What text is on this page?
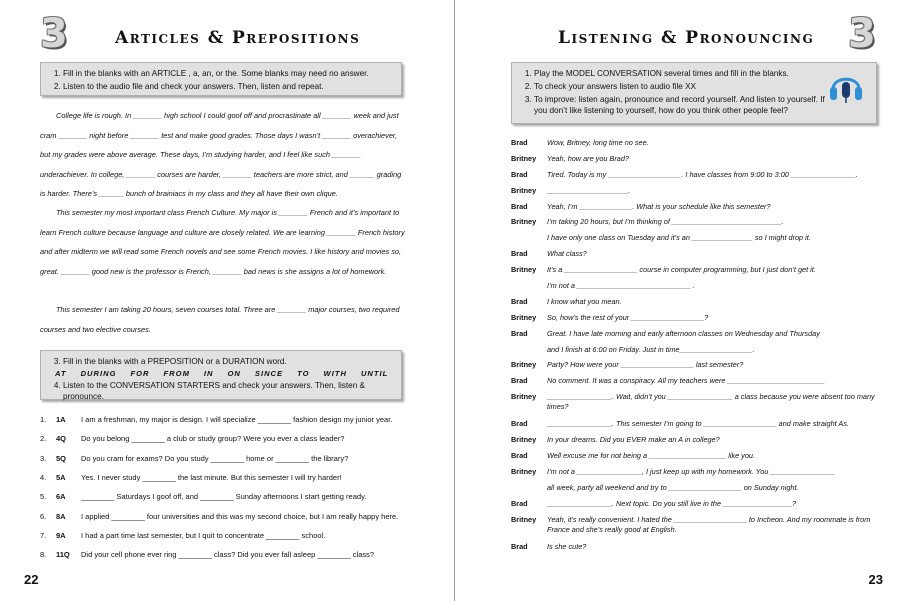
3	Articles & Prepositions
1. Fill in the blanks with an ARTICLE , a, an, or the. Some blanks may need no answer.
2. Listen to the audio file and check your answers. Then, listen and repeat.

College life is rough. In _______ high school I could goof off and procrastinate all _______ week and just cram _______ night before _______ test and make good grades. Those days I wasn’t _______ overachiever, but my grades were above average. These days, I’m studying harder, and I feel like such _______ underachiever. In college, _______ courses are harder, _______ teachers are more strict, and ______ grading is harder. There’s ______ bunch of brainiacs in my class and they all have their own clique.

This semester my most important class French Culture. My major is _______ French and it’s important to learn French culture because language and culture are closely related. We are learning _______ French history and after midterm we will read some French novels and see some French movies. I like history and movies so, great. _______ good new is the professor is French, _______ bad news is she assigns a lot of homework.

This semester I am taking 20 hours, seven courses total. Three are _______ major courses, two required courses and two elective courses.

3. Fill in the blanks with a PREPOSITION or a DURATION word.
AT DURING FOR FROM IN ON SINCE TO WITH UNTIL
4. Listen to the CONVERSATION STARTERS and check your answers. Then, listen & pronounce.
1.	1A	I am a freshman, my major is design. I will specialize ________ fashion design my junior year.
2.	4Q	Do you belong ________ a club or study group? Were you ever a class leader?
3.	5Q	Do you cram for exams? Do you study ________ home or ________ the library?
4.	5A	Yes. I never study ________ the last minute. But this semester I will try harder!
5.	6A	________ Saturdays I goof off, and ________ Sunday afternoons I start getting ready.
6.	8A	I applied ________ four universities and this was my second choice, but I am really happy here.
7.	9A	I had a part time last semester, but I quit to concentrate ________ school.
8.	11Q	Did your cell phone ever ring ________ class? Did you ever fall asleep ________ class?
22
Listening & Pronouncing 3
1. Play the MODEL CONVERSATION several times and fill in the blanks.
2. To check your answers listen to audio file XX
3. To improve: listen again, pronounce and record yourself. And listen to yourself. If you don’t like listening to yourself, how do you think other people feel?
Brad	Wow, Britney, long time no see.
Britney	Yeah, how are you Brad?
Brad	Tired. Today is my __________________. I have classes from 9:00 to 3:00 ________________.
Britney	____________________.
Brad	Yeah, I’m _____________. What is your schedule like this semester?
Britney	I’m taking 20 hours, but I’m thinking of ___________________________.
I have only one class on Tuesday and it’s an _______________ so I might drop it.
Brad	What class?
Britney	It’s a __________________ course in computer programming, but I just don’t get it.
I’m not a ____________________________ .
Brad	I know what you mean.
Britney	So, how’s the rest of your __________________?
Brad	Great. I have late morning and early afternoon classes on Wednesday and Thursday
and I finish at 6:00 on Friday. Just in time__________________.
Britney	Party? How were your __________________ last semester?
Brad	No comment. It was a conspiracy. All my teachers were ________________________
Britney	________________. Wait, didn’t you ________________ a class because you were absent too many times?
Brad	________________. This semester I’m going to __________________ and make straight As.
Britney	In your dreams. Did you EVER make an A in college?
Brad	Well excuse me for not being a ___________________ like you.
Britney	I’m not a ________________, I just keep up with my homework. You ________________
all week, party all weekend and try to __________________ on Sunday night.
Brad	________________. Next topic. Do you still live in the _________________?
Britney	Yeah, it’s really convenient. I hated the __________________ to Incheon. And my roommate is from France and she’s really good at English.
Brad	Is she cute?
23
